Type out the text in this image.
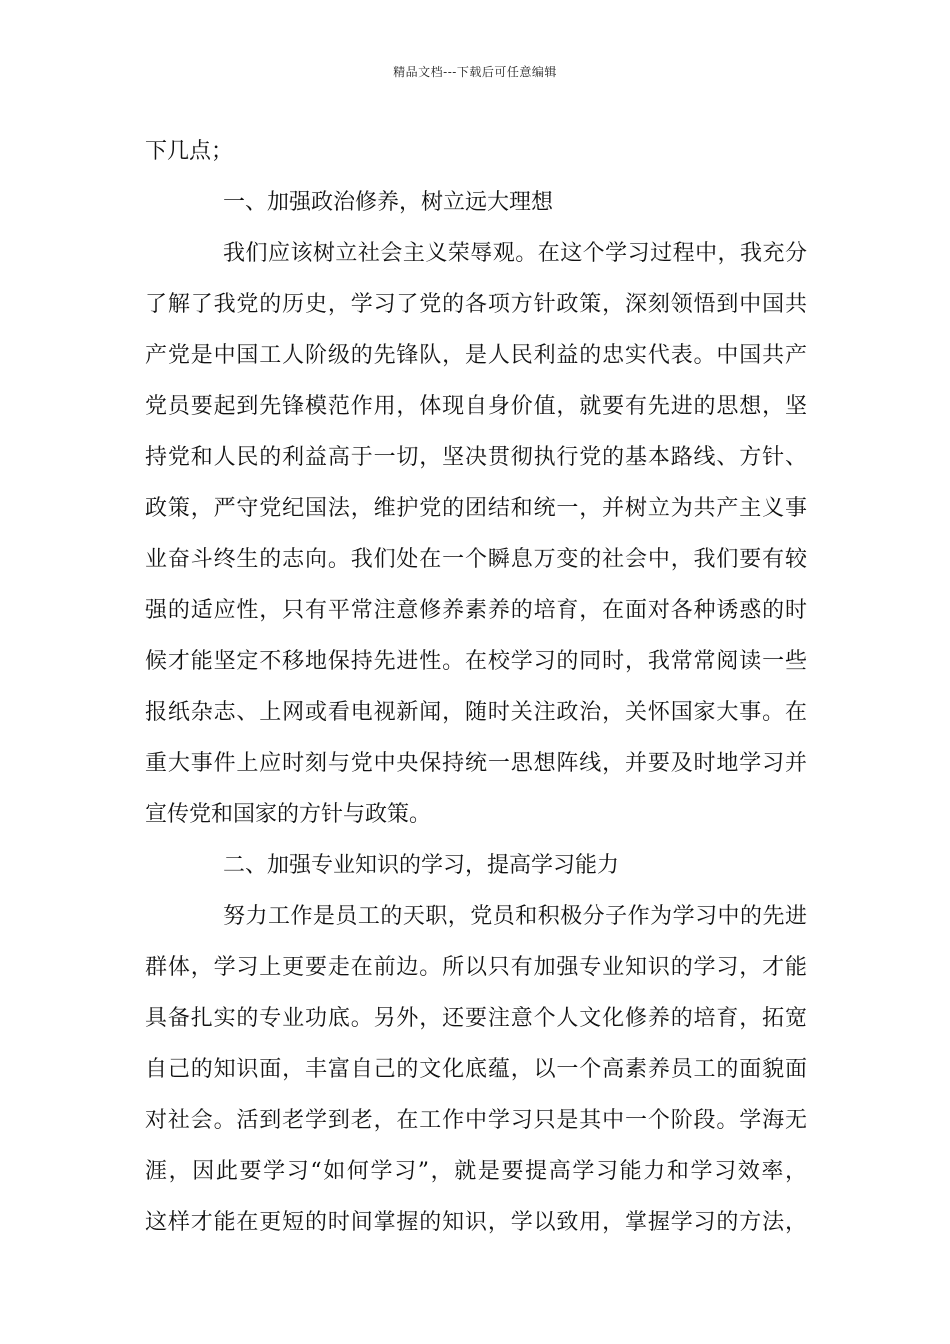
精品文档---下载后可任意编辑
下几点；
一、加强政治修养，树立远大理想
我们应该树立社会主义荣辱观。在这个学习过程中，我充分
了解了我党的历史，学习了党的各项方针政策，深刻领悟到中国共
产党是中国工人阶级的先锋队，是人民利益的忠实代表。中国共产
党员要起到先锋模范作用，体现自身价值，就要有先进的思想，坚
持党和人民的利益高于一切，坚决贯彻执行党的基本路线、方针、
政策，严守党纪国法，维护党的团结和统一，并树立为共产主义事
业奋斗终生的志向。我们处在一个瞬息万变的社会中，我们要有较
强的适应性，只有平常注意修养素养的培育，在面对各种诱惑的时
候才能坚定不移地保持先进性。在校学习的同时，我常常阅读一些
报纸杂志、上网或看电视新闻，随时关注政治，关怀国家大事。在
重大事件上应时刻与党中央保持统一思想阵线，并要及时地学习并
宣传党和国家的方针与政策。
二、加强专业知识的学习，提高学习能力
努力工作是员工的天职，党员和积极分子作为学习中的先进
群体，学习上更要走在前边。所以只有加强专业知识的学习，才能
具备扎实的专业功底。另外，还要注意个人文化修养的培育，拓宽
自己的知识面，丰富自己的文化底蕴，以一个高素养员工的面貌面
对社会。活到老学到老，在工作中学习只是其中一个阶段。学海无
涯，因此要学习“如何学习”，就是要提高学习能力和学习效率，
这样才能在更短的时间掌握的知识，学以致用，掌握学习的方法，
